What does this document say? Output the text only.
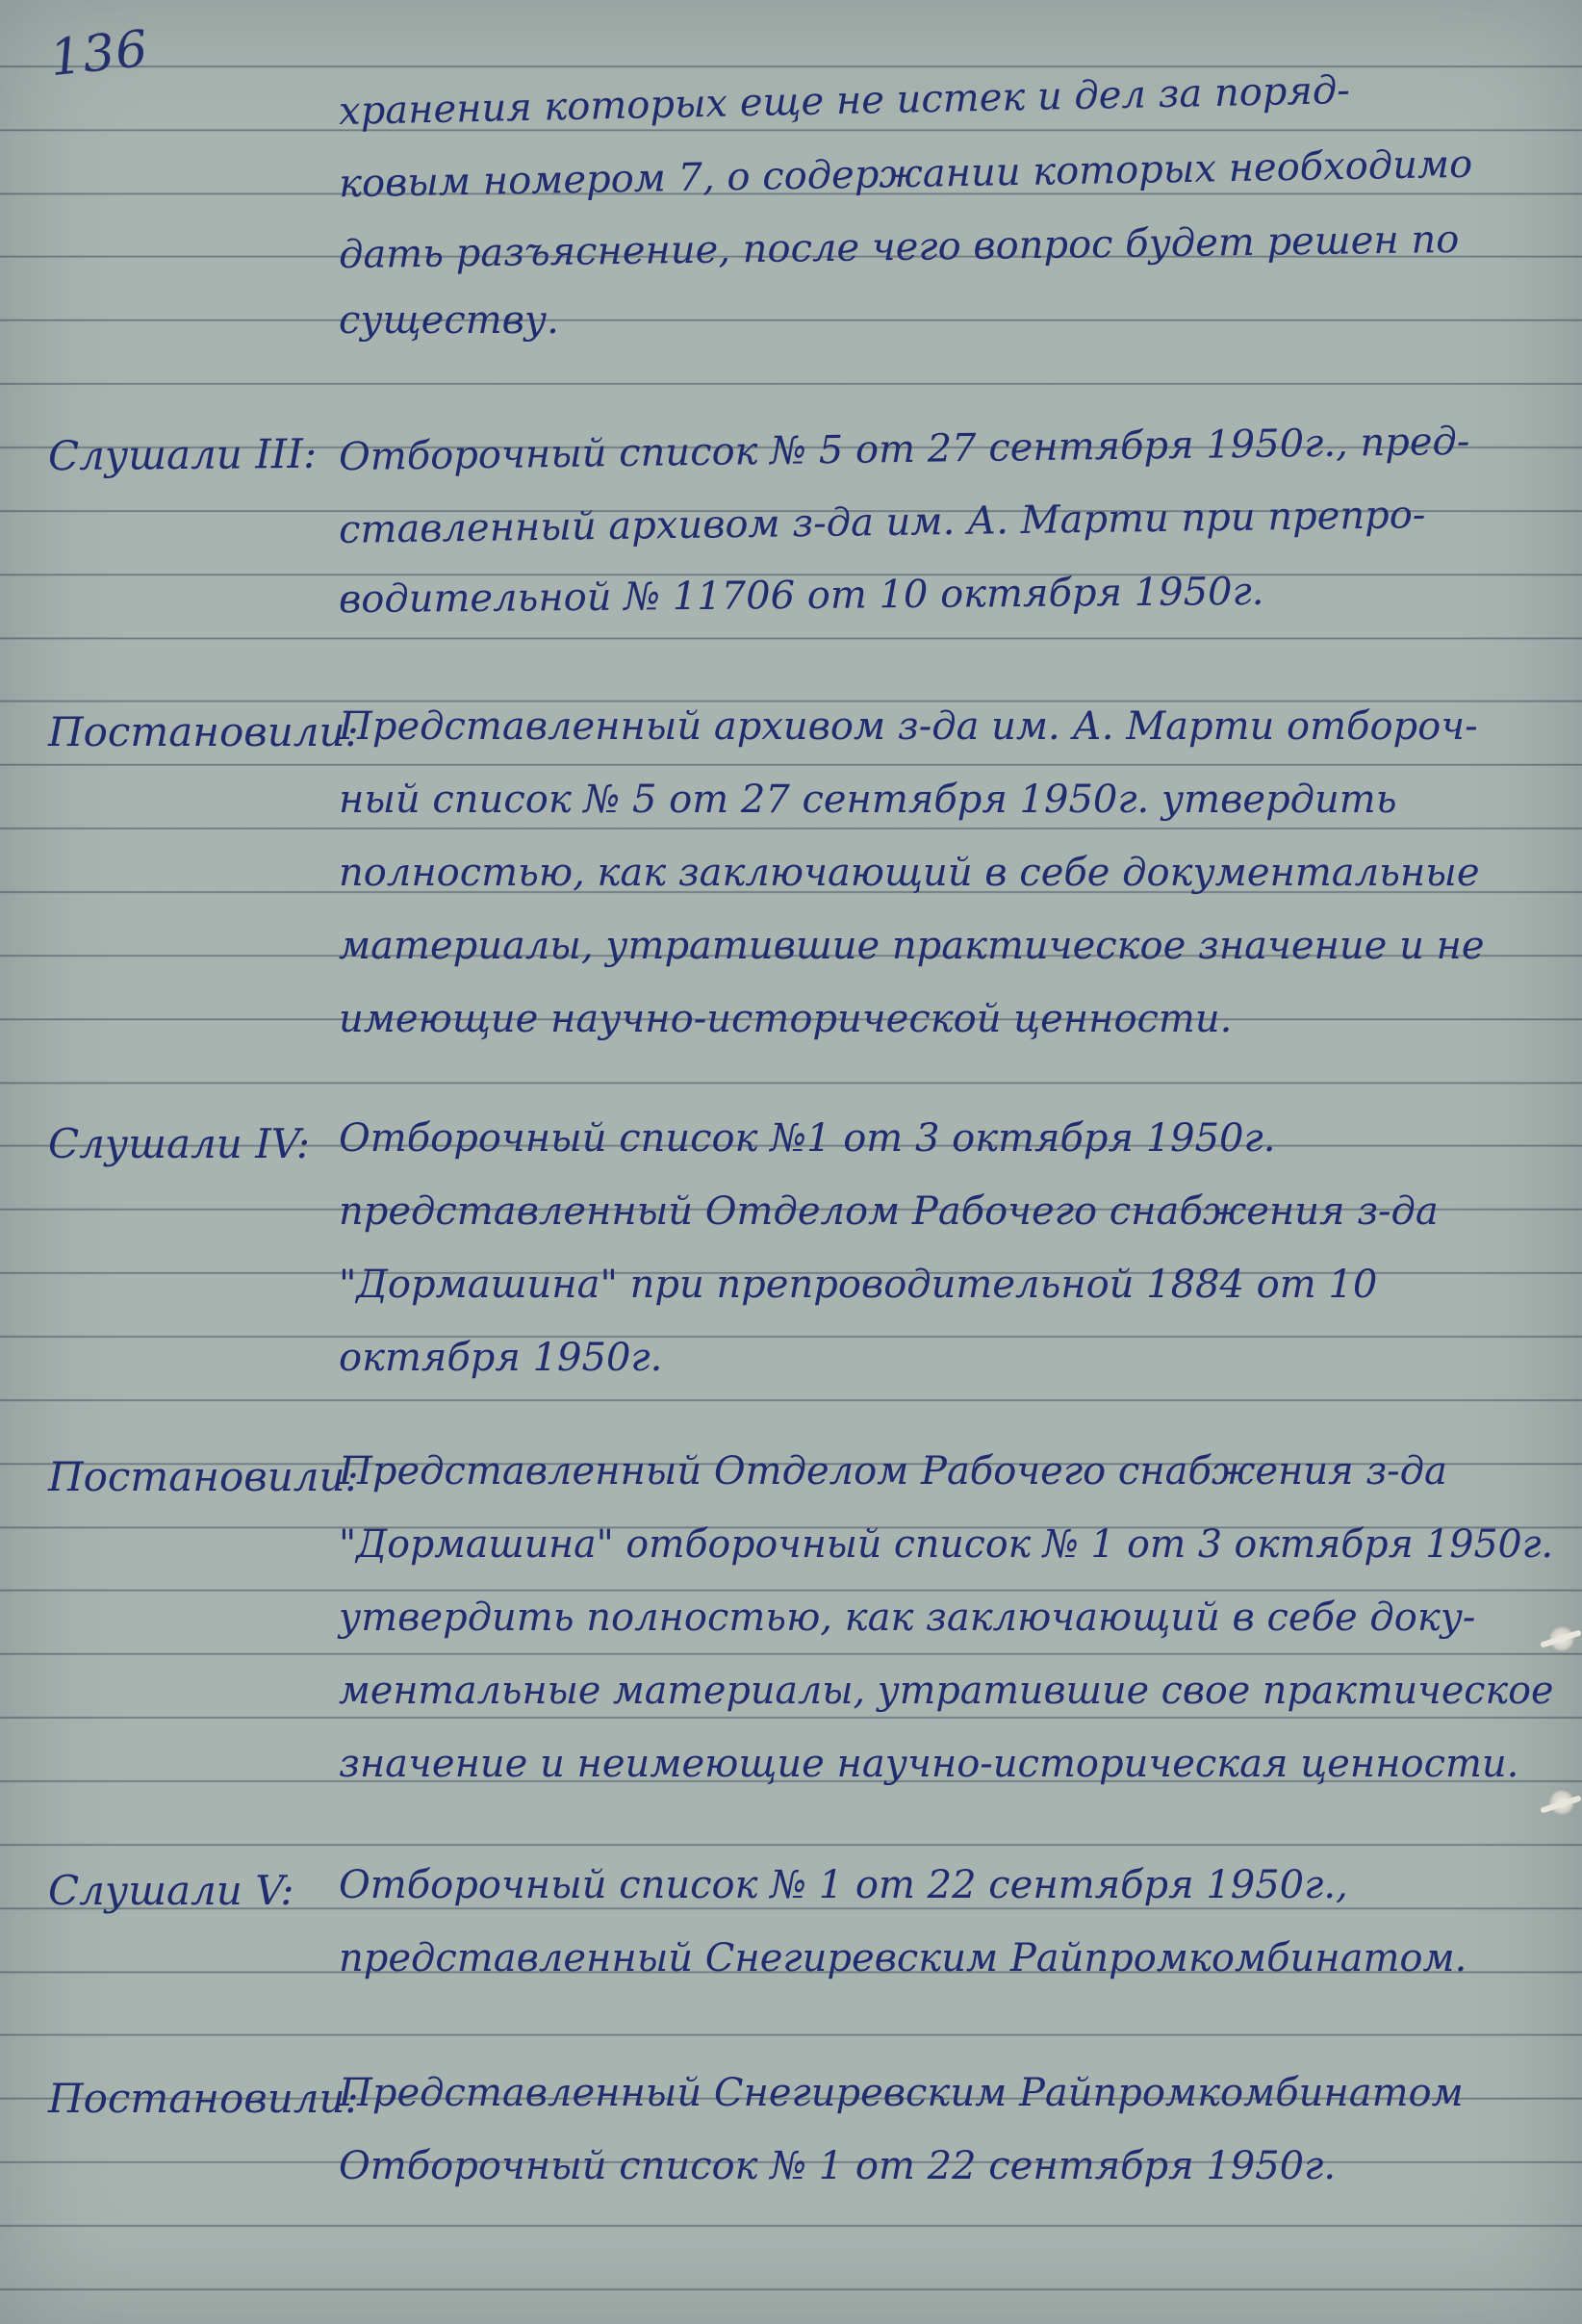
136
хранения которых еще не истек и дел за поряд-
ковым номером 7, о содержании которых необходимо
дать разъяснение, после чего вопрос будет решен по
существу.
Слушали III: Отборочный список № 5 от 27 сентября 1950г., пред-
ставленный архивом з-да им. А. Марти при препро-
водительной № 11706 от 10 октября 1950г.
Постановили:
Представленный архивом з-да им. А. Марти отбороч-
ный список № 5 от 27 сентября 1950г. утвердить
полностью, как заключающий в себе документальные
материалы, утратившие практическое значение и не
имеющие научно-исторической ценности.
Слушали IV: Отборочный список №1 от 3 октября 1950г.
представленный Отделом Рабочего снабжения з-да
"Дормашина" при препроводительной 1884 от 10
октября 1950г.
Постановили:
Представленный Отделом Рабочего снабжения з-да
"Дормашина" отборочный список № 1 от 3 октября 1950г.
утвердить полностью, как заключающий в себе доку-
ментальные материалы, утратившие свое практическое
значение и неимеющие научно-историческая ценности.
Слушали V: Отборочный список № 1 от 22 сентября 1950г.,
представленный Снегиревским Райпромкомбинатом.
Постановили:
Представленный Снегиревским Райпромкомбинатом
Отборочный список № 1 от 22 сентября 1950г.
